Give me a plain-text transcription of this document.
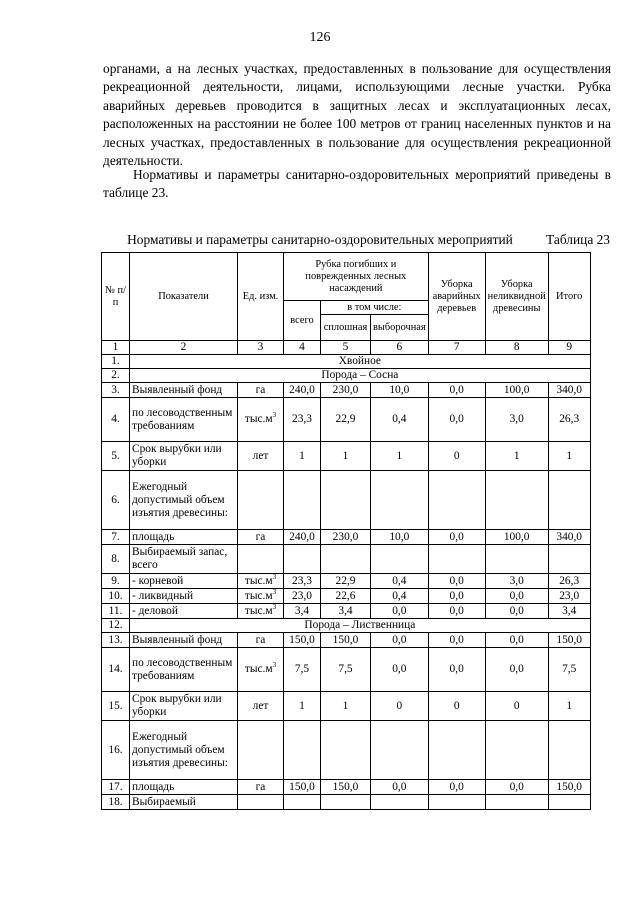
126
органами, а на лесных участках, предоставленных в пользование для осуществления рекреационной деятельности, лицами, использующими лесные участки. Рубка аварийных деревьев проводится в защитных лесах и эксплуатационных лесах, расположенных на расстоянии не более 100 метров от границ населенных пунктов и на лесных участках, предоставленных в пользование для осуществления рекреационной деятельности.
Нормативы и параметры санитарно-оздоровительных мероприятий приведены в таблице 23.
Таблица 23
Нормативы и параметры санитарно-оздоровительных мероприятий
№ п/п	Показатели	Ед. изм.	Рубка погибших и поврежденных лесных насаждений			Уборка аварийных деревьев	Уборка неликвидной древесины	Итого
			всего	в том числе:				
				сплошная	выборочная			
1	2	3	4	5	6	7	8	9
1.	Хвойное							
2.	Порода – Сосна							
3.	Выявленный фонд	га	240,0	230,0	10,0	0,0	100,0	340,0
4.	по лесоводственным требованиям	$тыс.м^3$	23,3	22,9	0,4	0,0	3,0	26,3
5.	Срок вырубки или уборки	лет	1	1	1	0	1	1
6.	Ежегодный допустимый объем изъятия древесины:							
7.	площадь	га	240,0	230,0	10,0	0,0	100,0	340,0
8.	Выбираемый запас, всего							
9.	- корневой	$тыс.м^3$	23,3	22,9	0,4	0,0	3,0	26,3
10.	- ликвидный	$тыс.м^3$	23,0	22,6	0,4	0,0	0,0	23,0
11.	- деловой	$тыс.м^3$	3,4	3,4	0,0	0,0	0,0	3,4
12.	Порода – Лиственница							
13.	Выявленный фонд	га	150,0	150,0	0,0	0,0	0,0	150,0
14.	по лесоводственным требованиям	$тыс.м^3$	7,5	7,5	0,0	0,0	0,0	7,5
15.	Срок вырубки или уборки	лет	1	1	0	0	0	1
16.	Ежегодный допустимый объем изъятия древесины:							
17.	площадь	га	150,0	150,0	0,0	0,0	0,0	150,0
18.	Выбираемый							
